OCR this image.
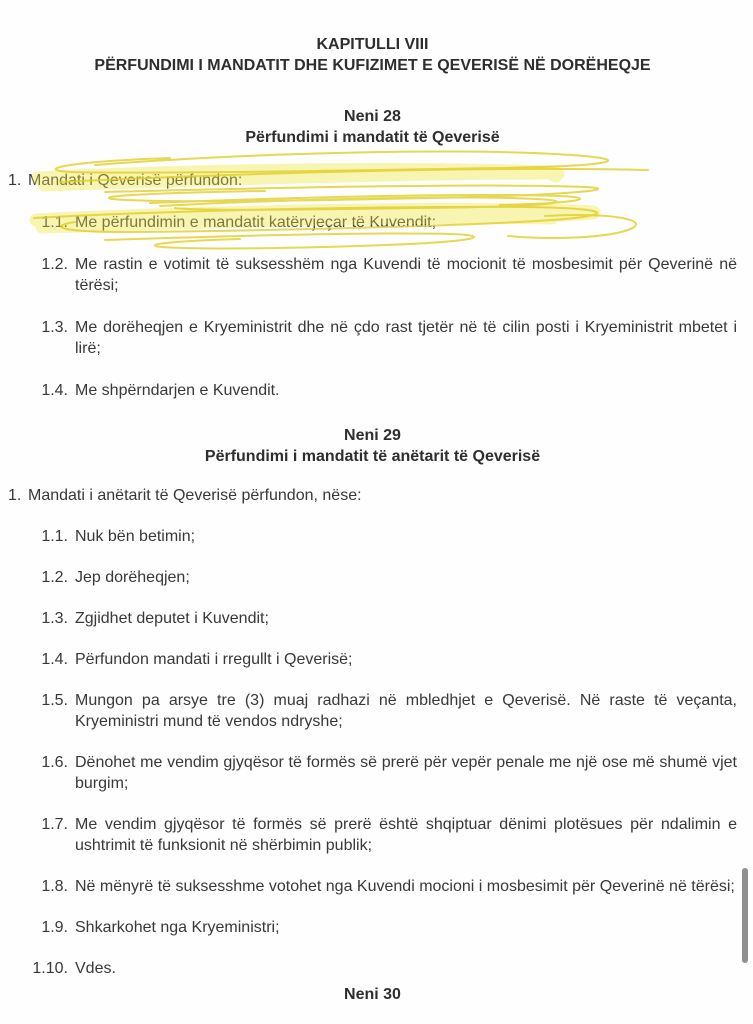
KAPITULLI VIII
PËRFUNDIMI I MANDATIT DHE KUFIZIMET E QEVERISË NË DORËHEQJE
Neni 28
Përfundimi i mandatit të Qeverisë
1. Mandati i Qeverisë përfundon:
1.1. Me përfundimin e mandatit katërvjeçar të Kuvendit;
1.2. Me rastin e votimit të suksesshëm nga Kuvendi të mocionit të mosbesimit për Qeverinë në tërësi;
1.3. Me dorëheqjen e Kryeministrit dhe në çdo rast tjetër në të cilin posti i Kryeministrit mbetet i lirë;
1.4. Me shpërndarjen e Kuvendit.
Neni 29
Përfundimi i mandatit të anëtarit të Qeverisë
1. Mandati i anëtarit të Qeverisë përfundon, nëse:
1.1. Nuk bën betimin;
1.2. Jep dorëheqjen;
1.3. Zgjidhet deputet i Kuvendit;
1.4. Përfundon mandati i rregullt i Qeverisë;
1.5. Mungon pa arsye tre (3) muaj radhazi në mbledhjet e Qeverisë. Në raste të veçanta, Kryeministri mund të vendos ndryshe;
1.6. Dënohet me vendim gjyqësor të formës së prerë për vepër penale me një ose më shumë vjet burgim;
1.7. Me vendim gjyqësor të formës së prerë është shqiptuar dënimi plotësues për ndalimin e ushtrimit të funksionit në shërbimin publik;
1.8. Në mënyrë të suksesshme votohet nga Kuvendi mocioni i mosbesimit për Qeverinë në tërësi;
1.9. Shkarkohet nga Kryeministri;
1.10. Vdes.
Neni 30
